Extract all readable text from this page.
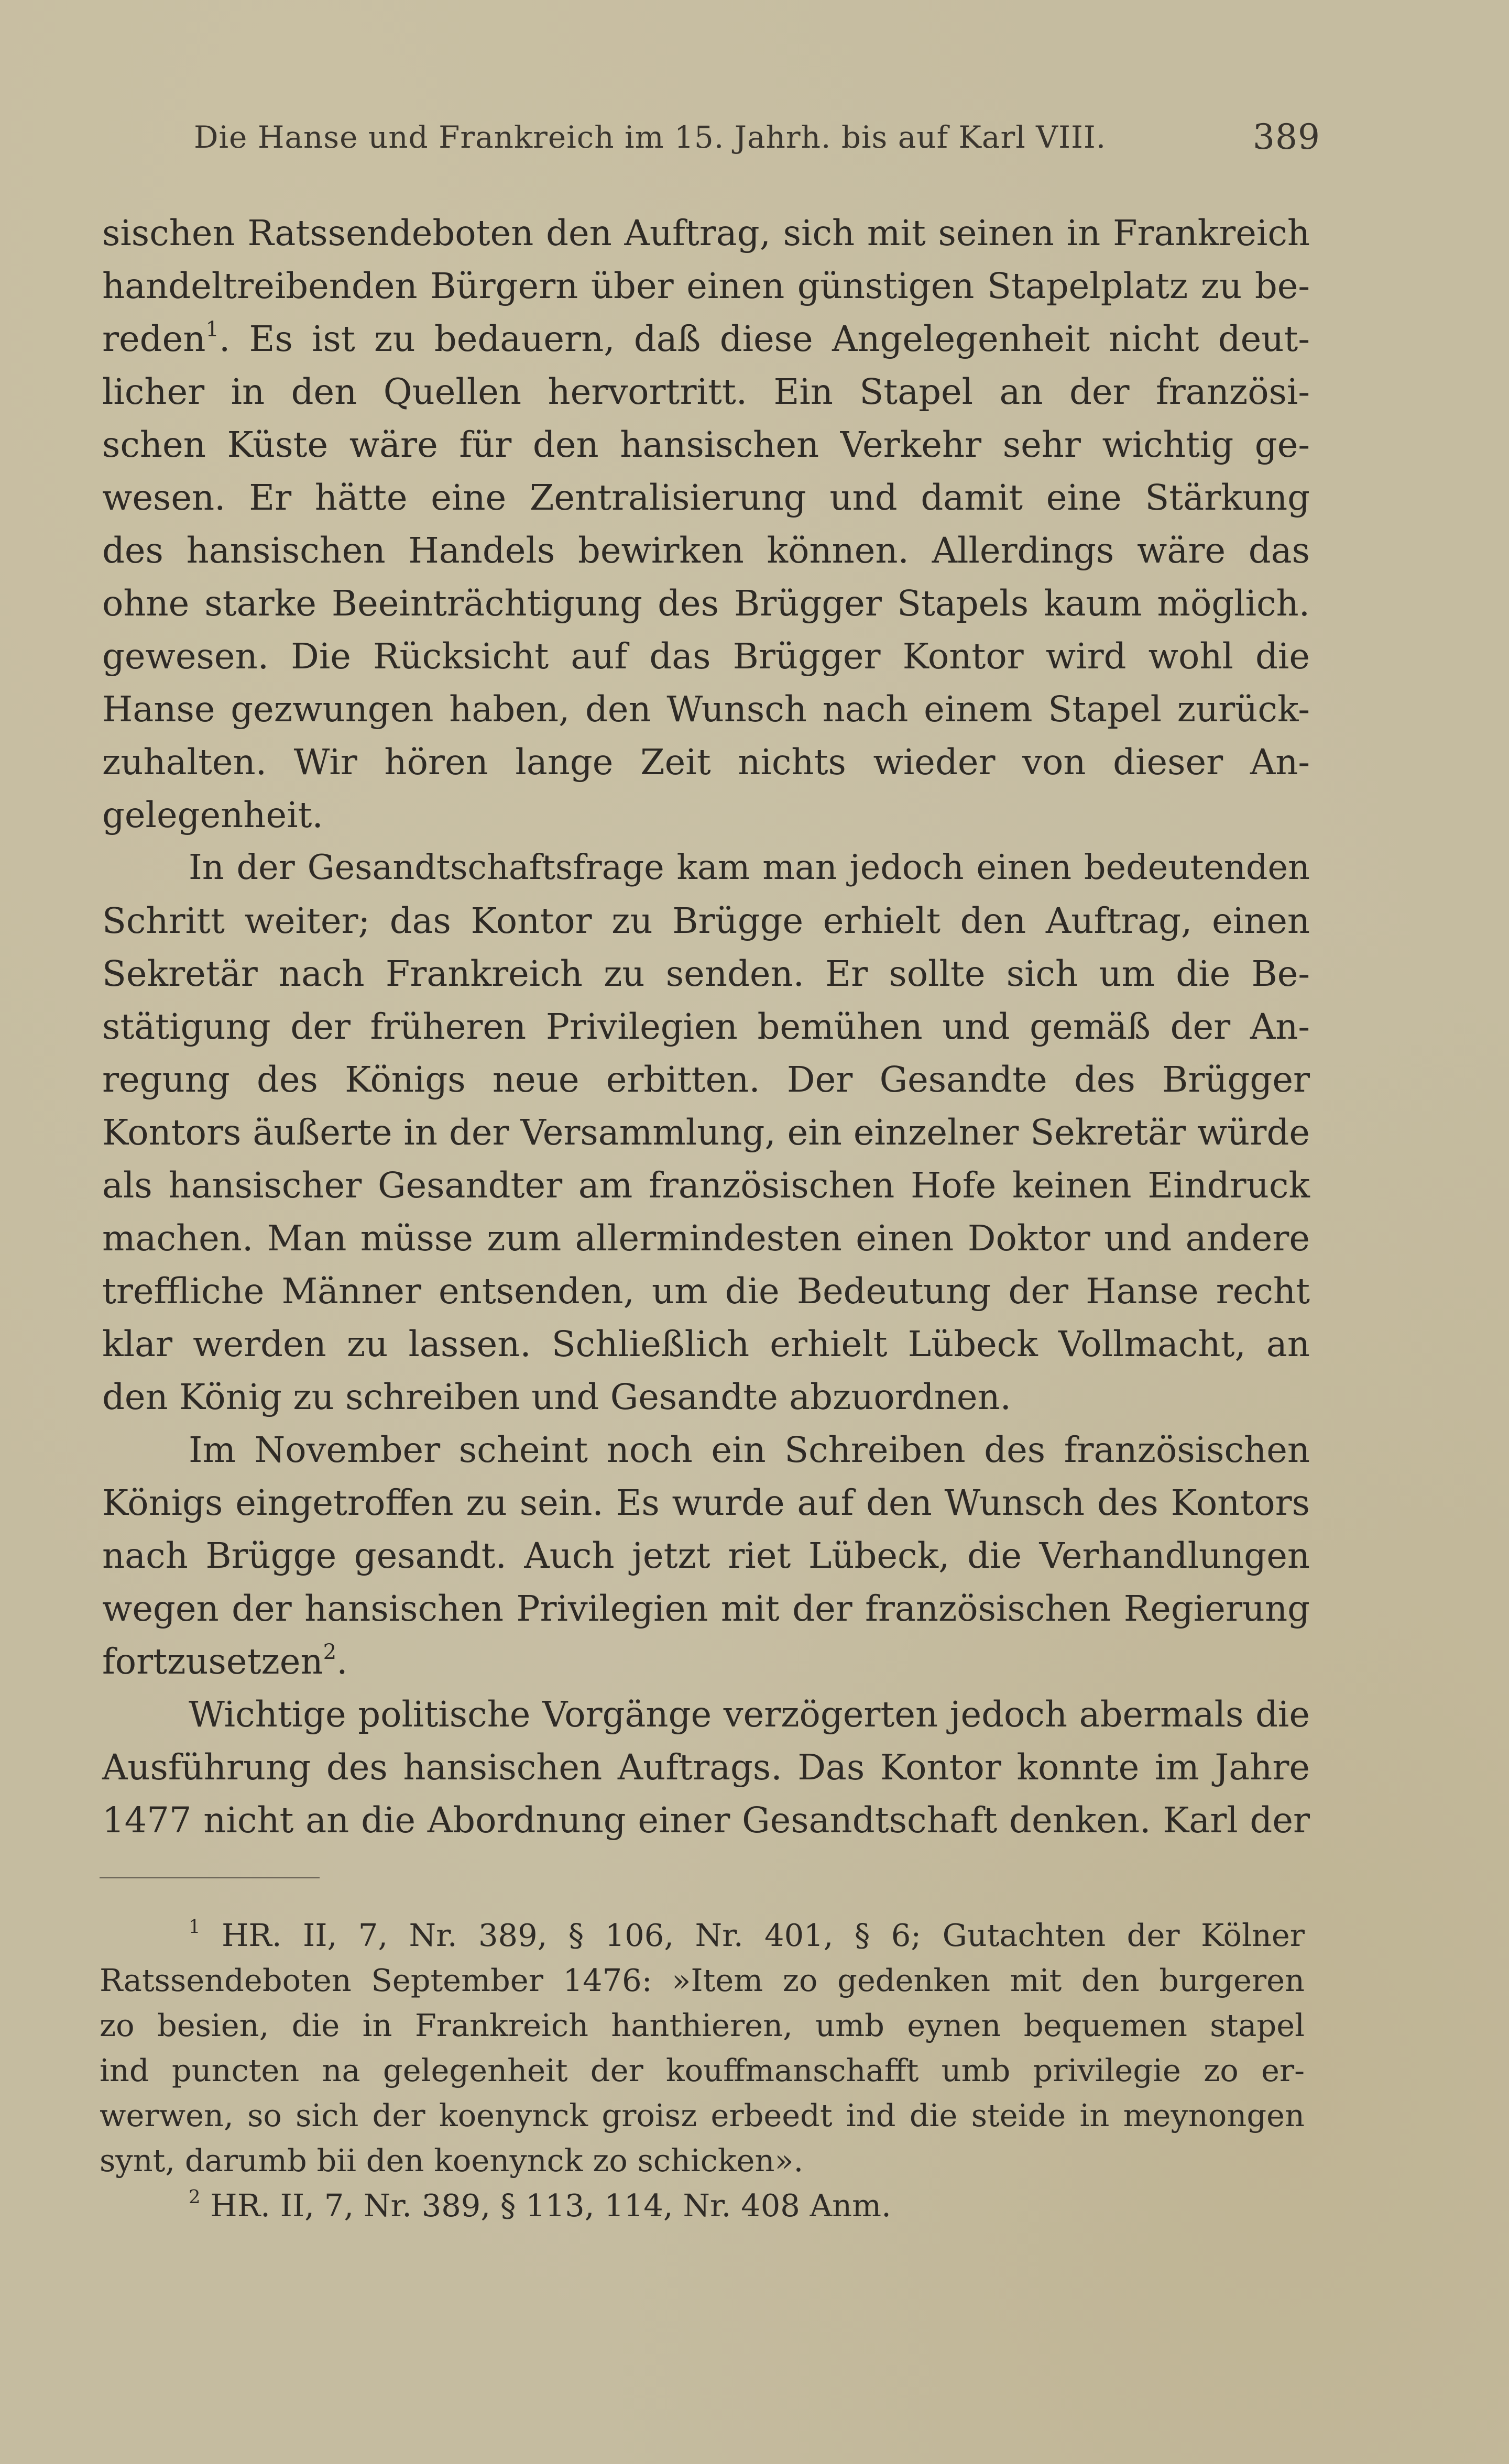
Die Hanse und Frankreich im 15. Jahrh. bis auf Karl VIII.	389
sischen Ratssendeboten den Auftrag, sich mit seinen in Frankreich
handeltreibenden Bürgern über einen günstigen Stapelplatz zu be-
reden$^1$. Es ist zu bedauern, daß diese Angelegenheit nicht deut-
licher in den Quellen hervortritt. Ein Stapel an der französi-
schen Küste wäre für den hansischen Verkehr sehr wichtig ge-
wesen. Er hätte eine Zentralisierung und damit eine Stärkung
des hansischen Handels bewirken können. Allerdings wäre das
ohne starke Beeinträchtigung des Brügger Stapels kaum möglich.
gewesen. Die Rücksicht auf das Brügger Kontor wird wohl die
Hanse gezwungen haben, den Wunsch nach einem Stapel zurück-
zuhalten. Wir hören lange Zeit nichts wieder von dieser An-
gelegenheit.
In der Gesandtschaftsfrage kam man jedoch einen bedeutenden
Schritt weiter; das Kontor zu Brügge erhielt den Auftrag, einen
Sekretär nach Frankreich zu senden. Er sollte sich um die Be-
stätigung der früheren Privilegien bemühen und gemäß der An-
regung des Königs neue erbitten. Der Gesandte des Brügger
Kontors äußerte in der Versammlung, ein einzelner Sekretär würde
als hansischer Gesandter am französischen Hofe keinen Eindruck
machen. Man müsse zum allermindesten einen Doktor und andere
treffliche Männer entsenden, um die Bedeutung der Hanse recht
klar werden zu lassen. Schließlich erhielt Lübeck Vollmacht, an
den König zu schreiben und Gesandte abzuordnen.
Im November scheint noch ein Schreiben des französischen
Königs eingetroffen zu sein. Es wurde auf den Wunsch des Kontors
nach Brügge gesandt. Auch jetzt riet Lübeck, die Verhandlungen
wegen der hansischen Privilegien mit der französischen Regierung
fortzusetzen$^2$.
Wichtige politische Vorgänge verzögerten jedoch abermals die
Ausführung des hansischen Auftrags. Das Kontor konnte im Jahre
1477 nicht an die Abordnung einer Gesandtschaft denken. Karl der
$^1$ HR. II, 7, Nr. 389, § 106, Nr. 401, § 6; Gutachten der Kölner
Ratssendeboten September 1476: »Item zo gedenken mit den burgeren
zo besien, die in Frankreich hanthieren, umb eynen bequemen stapel
ind puncten na gelegenheit der kouffmanschafft umb privilegie zo er-
werwen, so sich der koenynck groisz erbeedt ind die steide in meynongen
synt, darumb bii den koenynck zo schicken».
$^2$ HR. II, 7, Nr. 389, § 113, 114, Nr. 408 Anm.
